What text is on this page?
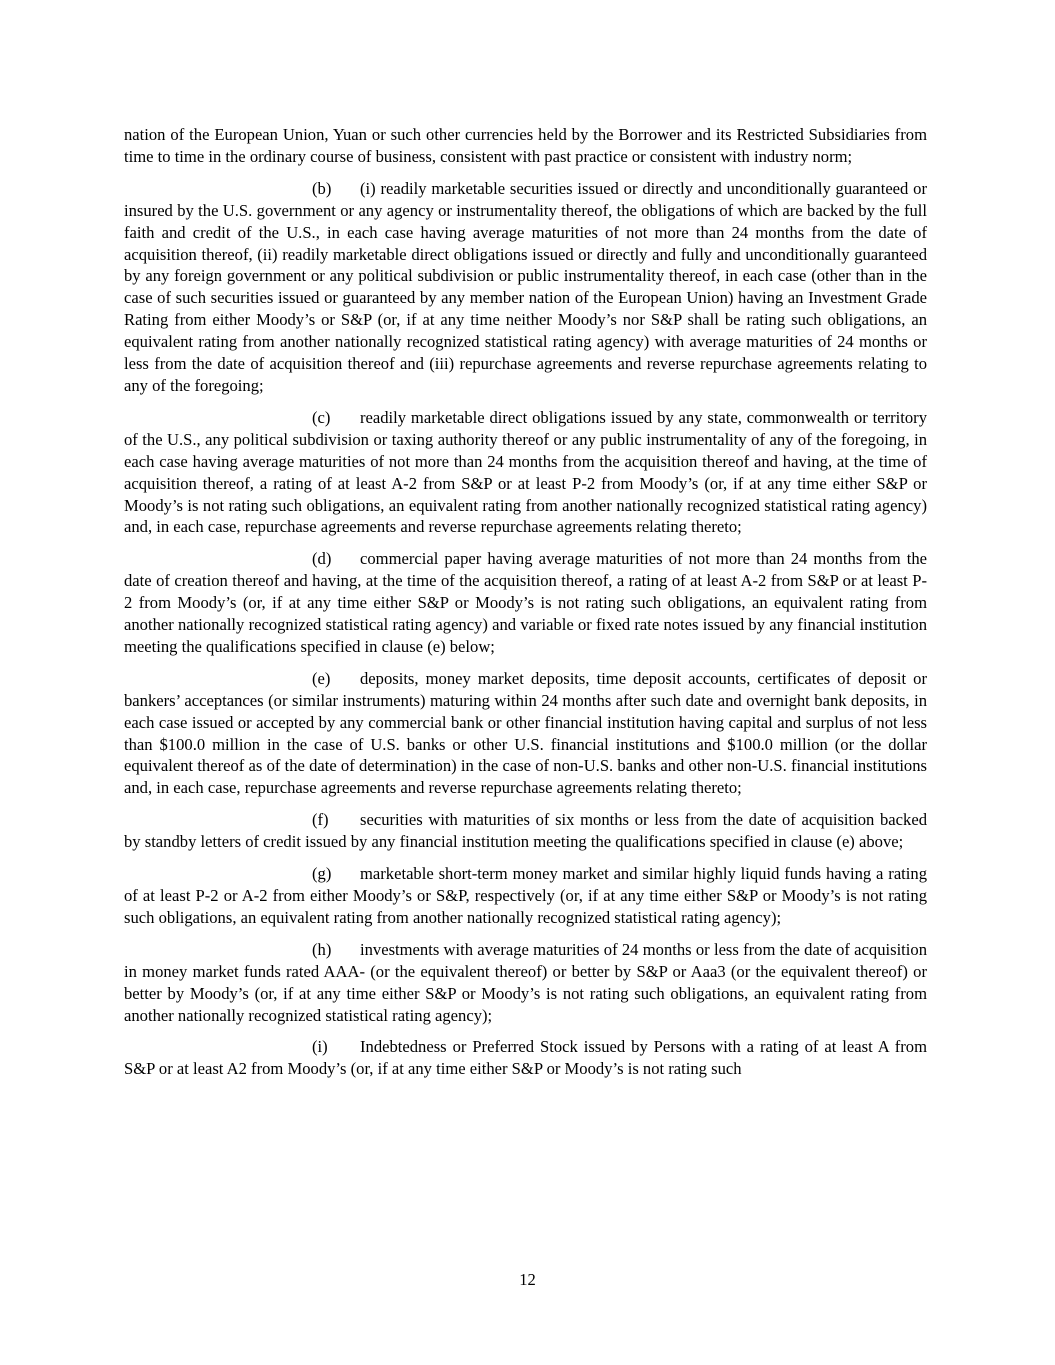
nation of the European Union, Yuan or such other currencies held by the Borrower and its Restricted Subsidiaries from time to time in the ordinary course of business, consistent with past practice or consistent with industry norm;

(b) (i) readily marketable securities issued or directly and unconditionally guaranteed or insured by the U.S. government or any agency or instrumentality thereof, the obligations of which are backed by the full faith and credit of the U.S., in each case having average maturities of not more than 24 months from the date of acquisition thereof, (ii) readily marketable direct obligations issued or directly and fully and unconditionally guaranteed by any foreign government or any political subdivision or public instrumentality thereof, in each case (other than in the case of such securities issued or guaranteed by any member nation of the European Union) having an Investment Grade Rating from either Moody’s or S&P (or, if at any time neither Moody’s nor S&P shall be rating such obligations, an equivalent rating from another nationally recognized statistical rating agency) with average maturities of 24 months or less from the date of acquisition thereof and (iii) repurchase agreements and reverse repurchase agreements relating to any of the foregoing;

(c) readily marketable direct obligations issued by any state, commonwealth or territory of the U.S., any political subdivision or taxing authority thereof or any public instrumentality of any of the foregoing, in each case having average maturities of not more than 24 months from the acquisition thereof and having, at the time of acquisition thereof, a rating of at least A-2 from S&P or at least P-2 from Moody’s (or, if at any time either S&P or Moody’s is not rating such obligations, an equivalent rating from another nationally recognized statistical rating agency) and, in each case, repurchase agreements and reverse repurchase agreements relating thereto;

(d) commercial paper having average maturities of not more than 24 months from the date of creation thereof and having, at the time of the acquisition thereof, a rating of at least A-2 from S&P or at least P-2 from Moody’s (or, if at any time either S&P or Moody’s is not rating such obligations, an equivalent rating from another nationally recognized statistical rating agency) and variable or fixed rate notes issued by any financial institution meeting the qualifications specified in clause (e) below;

(e) deposits, money market deposits, time deposit accounts, certificates of deposit or bankers’ acceptances (or similar instruments) maturing within 24 months after such date and overnight bank deposits, in each case issued or accepted by any commercial bank or other financial institution having capital and surplus of not less than $100.0 million in the case of U.S. banks or other U.S. financial institutions and $100.0 million (or the dollar equivalent thereof as of the date of determination) in the case of non-U.S. banks and other non-U.S. financial institutions and, in each case, repurchase agreements and reverse repurchase agreements relating thereto;

(f) securities with maturities of six months or less from the date of acquisition backed by standby letters of credit issued by any financial institution meeting the qualifications specified in clause (e) above;

(g) marketable short-term money market and similar highly liquid funds having a rating of at least P-2 or A-2 from either Moody’s or S&P, respectively (or, if at any time either S&P or Moody’s is not rating such obligations, an equivalent rating from another nationally recognized statistical rating agency);

(h) investments with average maturities of 24 months or less from the date of acquisition in money market funds rated AAA- (or the equivalent thereof) or better by S&P or Aaa3 (or the equivalent thereof) or better by Moody’s (or, if at any time either S&P or Moody’s is not rating such obligations, an equivalent rating from another nationally recognized statistical rating agency);

(i) Indebtedness or Preferred Stock issued by Persons with a rating of at least A from S&P or at least A2 from Moody’s (or, if at any time either S&P or Moody’s is not rating such

12
